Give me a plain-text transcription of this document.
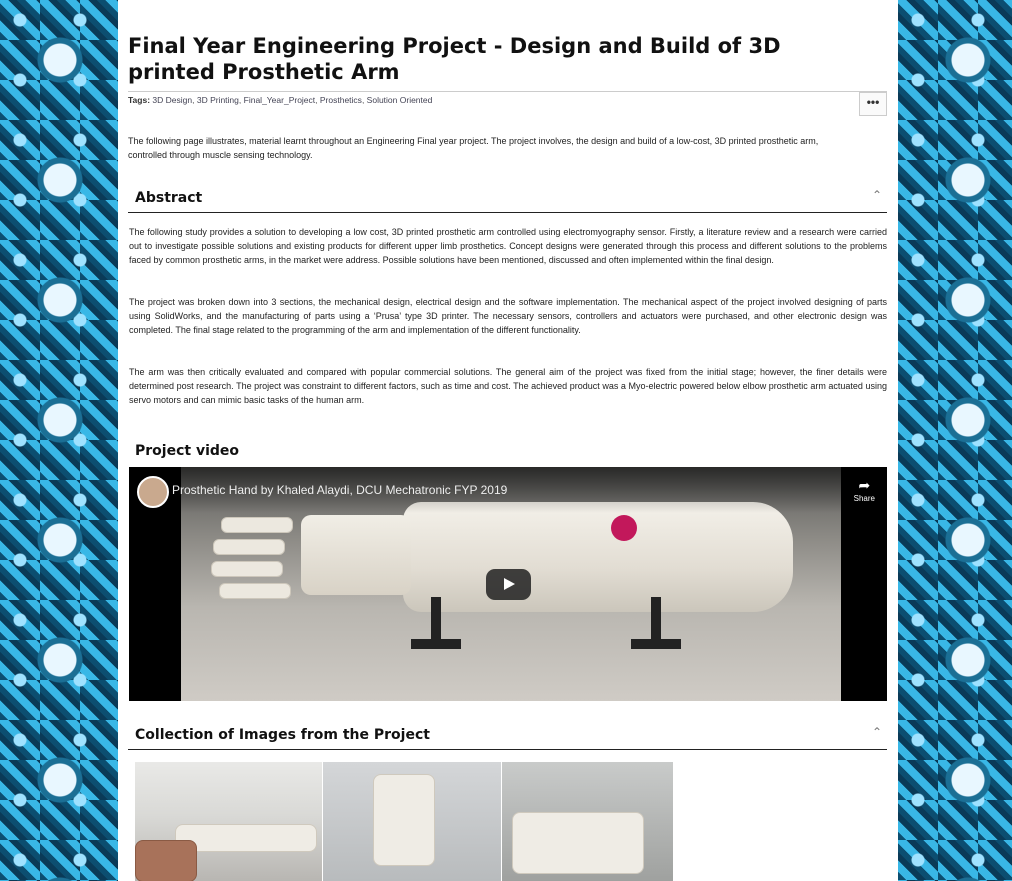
Final Year Engineering Project - Design and Build of 3D printed Prosthetic Arm
Tags: 3D Design, 3D Printing, Final_Year_Project, Prosthetics, Solution Oriented	•••

The following page illustrates, material learnt throughout an Engineering Final year project. The project involves, the design and build of a low-cost, 3D printed prosthetic arm, controlled through muscle sensing technology.

Abstract	⌃

The following study provides a solution to developing a low cost, 3D printed prosthetic arm controlled using electromyography sensor. Firstly, a literature review and a research were carried out to investigate possible solutions and existing products for different upper limb prosthetics. Concept designs were generated through this process and different solutions to the problems faced by common prosthetic arms, in the market were address. Possible solutions have been mentioned, discussed and often implemented within the final design.

The project was broken down into 3 sections, the mechanical design, electrical design and the software implementation. The mechanical aspect of the project involved designing of parts using SolidWorks, and the manufacturing of parts using a ‘Prusa’ type 3D printer. The necessary sensors, controllers and actuators were purchased, and other electronic design was completed. The final stage related to the programming of the arm and implementation of the different functionality.

The arm was then critically evaluated and compared with popular commercial solutions. The general aim of the project was fixed from the initial stage; however, the finer details were determined post research. The project was constraint to different factors, such as time and cost. The achieved product was a Myo-electric powered below elbow prosthetic arm actuated using servo motors and can mimic basic tasks of the human arm.

Project video
Prosthetic Hand by Khaled Alaydi, DCU Mechatronic FYP 2019	➦
Share
Collection of Images from the Project	⌃
